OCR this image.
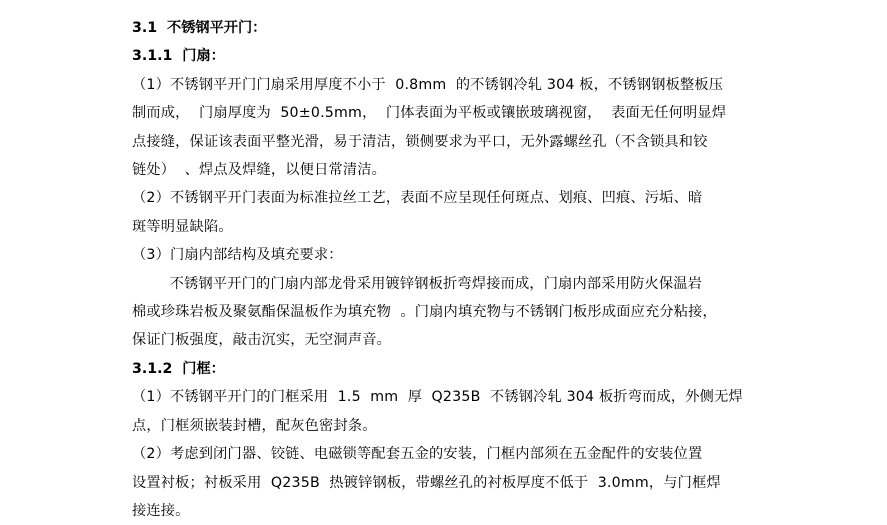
3.1  不锈钢平开门：
3.1.1  门扇：
（1）不锈钢平开门门扇采用厚度不小于  0.8mm  的不锈钢冷轧 304 板，不锈钢钢板整板压
制而成，  门扇厚度为  50±0.5mm，  门体表面为平板或镶嵌玻璃视窗，  表面无任何明显焊
点接缝，保证该表面平整光滑，易于清洁，锁侧要求为平口，无外露螺丝孔（不含锁具和铰
链处）  、焊点及焊缝，以便日常清洁。
（2）不锈钢平开门表面为标准拉丝工艺，表面不应呈现任何斑点、划痕、凹痕、污垢、暗
斑等明显缺陷。
（3）门扇内部结构及填充要求：
不锈钢平开门的门扇内部龙骨采用镀锌钢板折弯焊接而成，门扇内部采用防火保温岩
棉或珍珠岩板及聚氨酯保温板作为填充物  。门扇内填充物与不锈钢门板彤成面应充分粘接，
保证门板强度，敲击沉实，无空洞声音。
3.1.2  门框：
（1）不锈钢平开门的门框采用  1.5  mm  厚  Q235B  不锈钢冷轧 304 板折弯而成，外侧无焊
点，门框须嵌装封槽，配灰色密封条。
（2）考虑到闭门器、铰链、电磁锁等配套五金的安装，门框内部须在五金配件的安装位置
设置衬板；衬板采用  Q235B  热镀锌钢板，带螺丝孔的衬板厚度不低于  3.0mm，与门框焊
接连接。
